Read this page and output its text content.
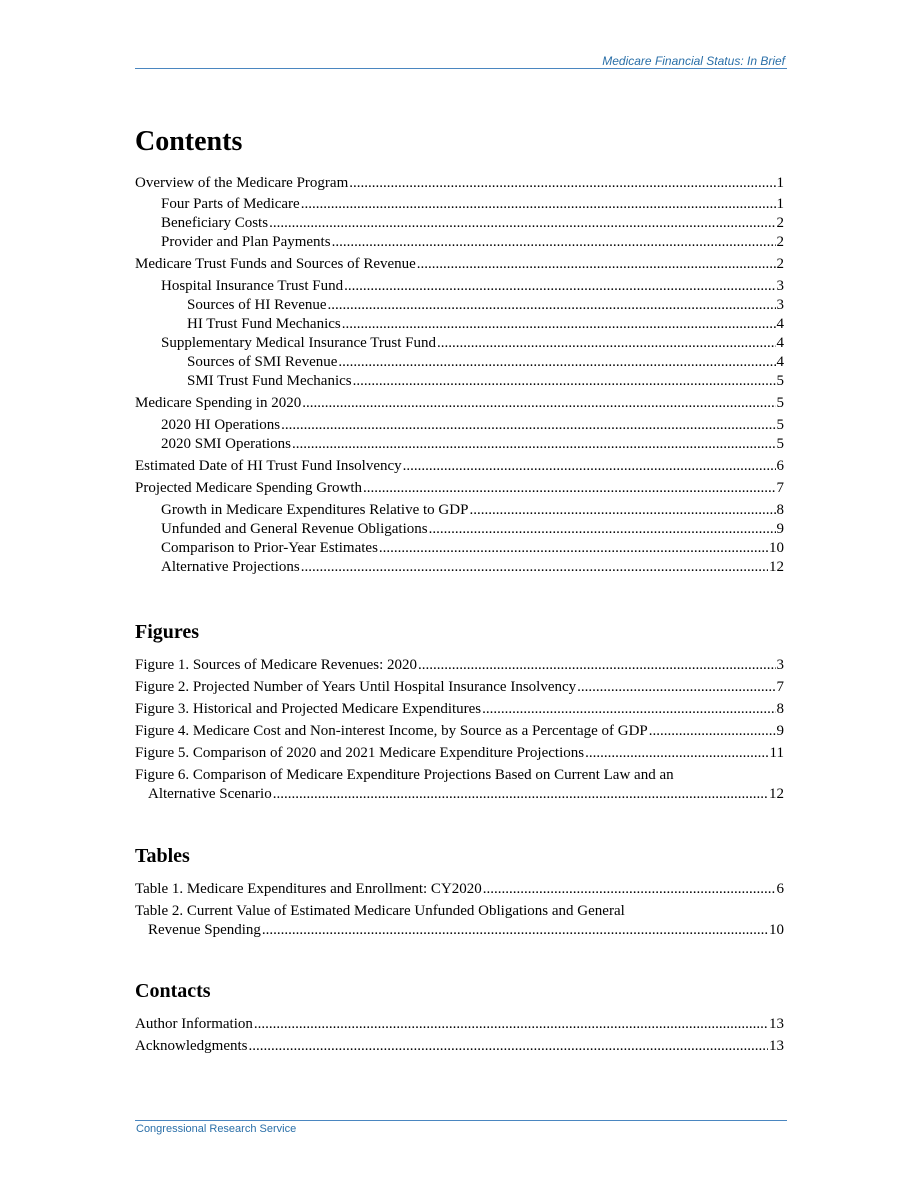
Medicare Financial Status: In Brief
Contents
Overview of the Medicare Program .....	1
Four Parts of Medicare .....	1
Beneficiary Costs .....	2
Provider and Plan Payments .....	2
Medicare Trust Funds and Sources of Revenue .....	2
Hospital Insurance Trust Fund .....	3
Sources of HI Revenue .....	3
HI Trust Fund Mechanics .....	4
Supplementary Medical Insurance Trust Fund .....	4
Sources of SMI Revenue .....	4
SMI Trust Fund Mechanics .....	5
Medicare Spending in 2020 .....	5
2020 HI Operations .....	5
2020 SMI Operations .....	5
Estimated Date of HI Trust Fund Insolvency .....	6
Projected Medicare Spending Growth .....	7
Growth in Medicare Expenditures Relative to GDP .....	8
Unfunded and General Revenue Obligations .....	9
Comparison to Prior-Year Estimates .....	10
Alternative Projections .....	12
Figures
Figure 1. Sources of Medicare Revenues: 2020 .....	3
Figure 2. Projected Number of Years Until Hospital Insurance Insolvency .....	7
Figure 3. Historical and Projected Medicare Expenditures .....	8
Figure 4. Medicare Cost and Non-interest Income, by Source as a Percentage of GDP .....	9
Figure 5. Comparison of 2020 and 2021 Medicare Expenditure Projections .....	11
Figure 6. Comparison of Medicare Expenditure Projections Based on Current Law and an
Alternative Scenario .....	12
Tables
Table 1. Medicare Expenditures and Enrollment: CY2020 .....	6
Table 2. Current Value of Estimated Medicare Unfunded Obligations and General
Revenue Spending .....	10
Contacts
Author Information .....	13
Acknowledgments .....	13
Congressional Research Service
